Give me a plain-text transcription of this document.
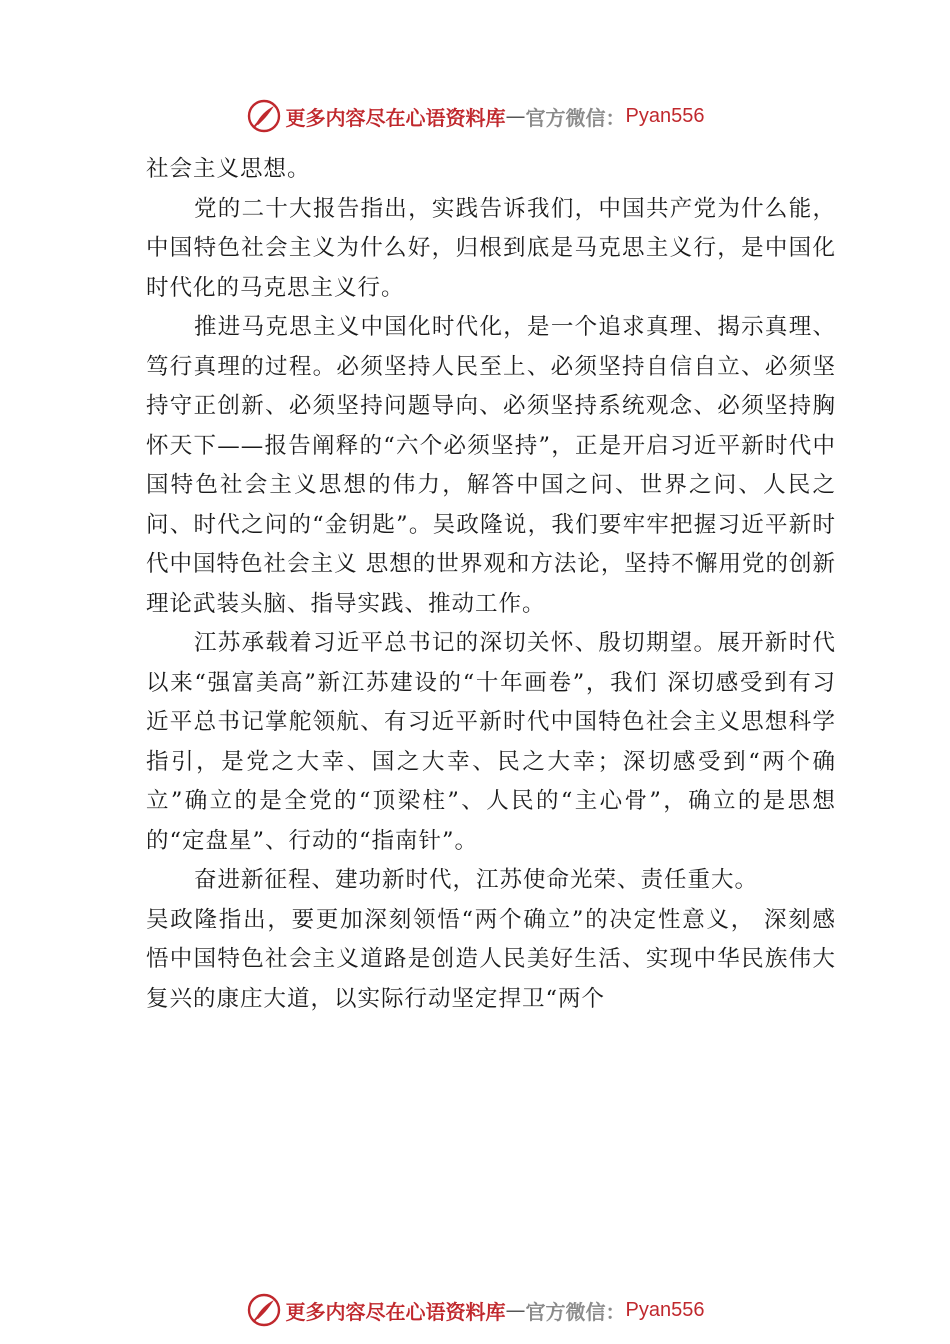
更多内容尽在心语资料库 — 官方微信： Pyan556

社会主义思想。

党的二十大报告指出，实践告诉我们，中国共产党为什么能，中国特色社会主义为什么好，归根到底是马克思主义行，是中国化时代化的马克思主义行。

推进马克思主义中国化时代化，是一个追求真理、揭示真理、笃行真理的过程。必须坚持人民至上、必须坚持自信自立、必须坚持守正创新、必须坚持问题导向、必须坚持系统观念、必须坚持胸怀天下——报告阐释的“六个必须坚持”，正是开启习近平新时代中国特色社会主义思想的伟力，解答中国之问、世界之问、人民之问、时代之问的“金钥匙”。吴政隆说，我们要牢牢把握习近平新时代中国特色社会主义 思想的世界观和方法论，坚持不懈用党的创新理论武装头脑、指导实践、推动工作。

江苏承载着习近平总书记的深切关怀、殷切期望。展开新时代以来“强富美高”新江苏建设的“十年画卷”，我们 深切感受到有习近平总书记掌舵领航、有习近平新时代中国特色社会主义思想科学指引，是党之大幸、国之大幸、民之大幸；深切感受到“两个确立”确立的是全党的“顶梁柱”、人民的“主心骨”，确立的是思想的“定盘星”、行动的“指南针”。

奋进新征程、建功新时代，江苏使命光荣、责任重大。

吴政隆指出，要更加深刻领悟“两个确立”的决定性意义， 深刻感悟中国特色社会主义道路是创造人民美好生活、实现中华民族伟大复兴的康庄大道，以实际行动坚定捍卫“两个

更多内容尽在心语资料库 — 官方微信： Pyan556
